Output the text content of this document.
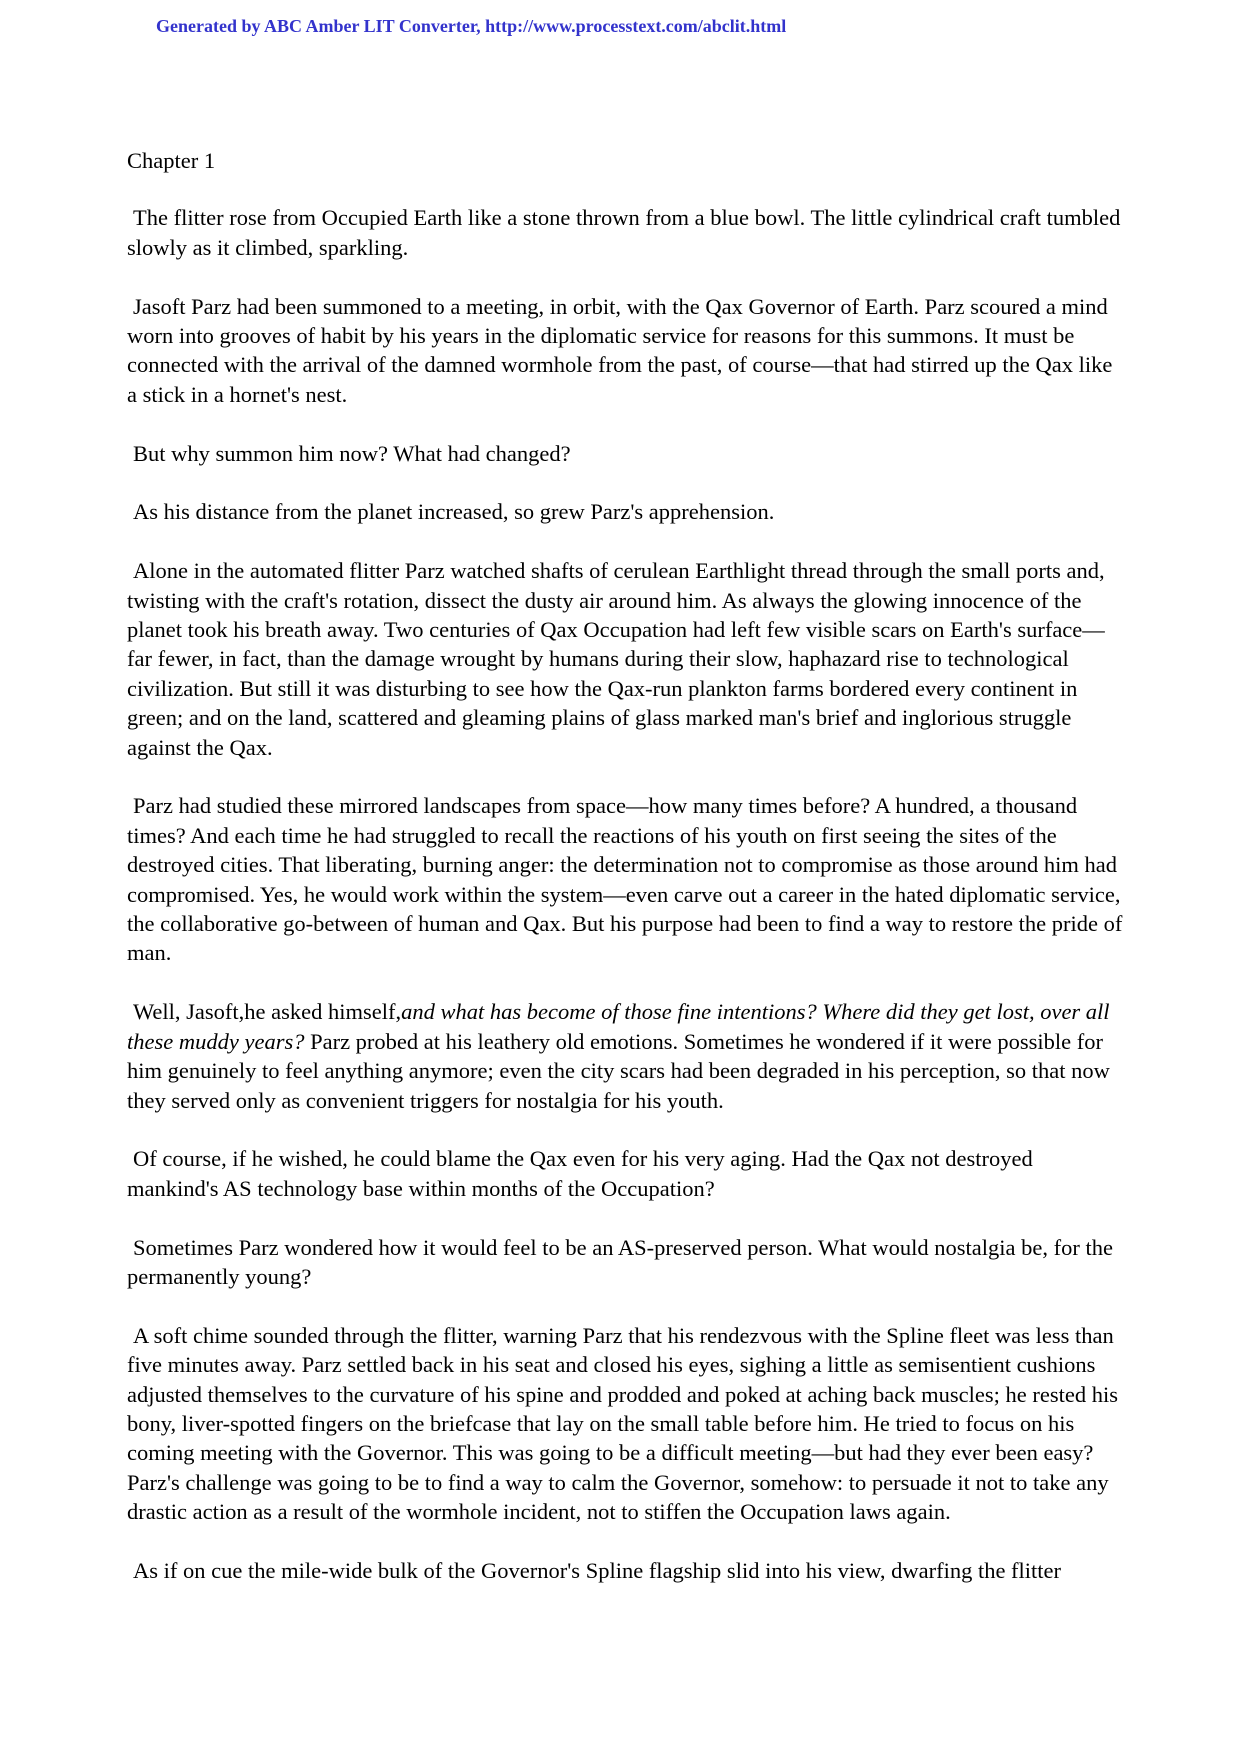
Generated by ABC Amber LIT Converter, http://www.processtext.com/abclit.html
Chapter 1

The flitter rose from Occupied Earth like a stone thrown from a blue bowl. The little cylindrical craft tumbled slowly as it climbed, sparkling.

Jasoft Parz had been summoned to a meeting, in orbit, with the Qax Governor of Earth. Parz scoured a mind worn into grooves of habit by his years in the diplomatic service for reasons for this summons. It must be connected with the arrival of the damned wormhole from the past, of course—that had stirred up the Qax like a stick in a hornet's nest.

But why summon him now? What had changed?

As his distance from the planet increased, so grew Parz's apprehension.

Alone in the automated flitter Parz watched shafts of cerulean Earthlight thread through the small ports and, twisting with the craft's rotation, dissect the dusty air around him. As always the glowing innocence of the planet took his breath away. Two centuries of Qax Occupation had left few visible scars on Earth's surface—far fewer, in fact, than the damage wrought by humans during their slow, haphazard rise to technological civilization. But still it was disturbing to see how the Qax-run plankton farms bordered every continent in green; and on the land, scattered and gleaming plains of glass marked man's brief and inglorious struggle against the Qax.

Parz had studied these mirrored landscapes from space—how many times before? A hundred, a thousand times? And each time he had struggled to recall the reactions of his youth on first seeing the sites of the destroyed cities. That liberating, burning anger: the determination not to compromise as those around him had compromised. Yes, he would work within the system—even carve out a career in the hated diplomatic service, the collaborative go-between of human and Qax. But his purpose had been to find a way to restore the pride of man.

Well, Jasoft,he asked himself,and what has become of those fine intentions? Where did they get lost, over all these muddy years? Parz probed at his leathery old emotions. Sometimes he wondered if it were possible for him genuinely to feel anything anymore; even the city scars had been degraded in his perception, so that now they served only as convenient triggers for nostalgia for his youth.

Of course, if he wished, he could blame the Qax even for his very aging. Had the Qax not destroyed mankind's AS technology base within months of the Occupation?

Sometimes Parz wondered how it would feel to be an AS-preserved person. What would nostalgia be, for the permanently young?

A soft chime sounded through the flitter, warning Parz that his rendezvous with the Spline fleet was less than five minutes away. Parz settled back in his seat and closed his eyes, sighing a little as semisentient cushions adjusted themselves to the curvature of his spine and prodded and poked at aching back muscles; he rested his bony, liver-spotted fingers on the briefcase that lay on the small table before him. He tried to focus on his coming meeting with the Governor. This was going to be a difficult meeting—but had they ever been easy? Parz's challenge was going to be to find a way to calm the Governor, somehow: to persuade it not to take any drastic action as a result of the wormhole incident, not to stiffen the Occupation laws again.

As if on cue the mile-wide bulk of the Governor's Spline flagship slid into his view, dwarfing the flitter
